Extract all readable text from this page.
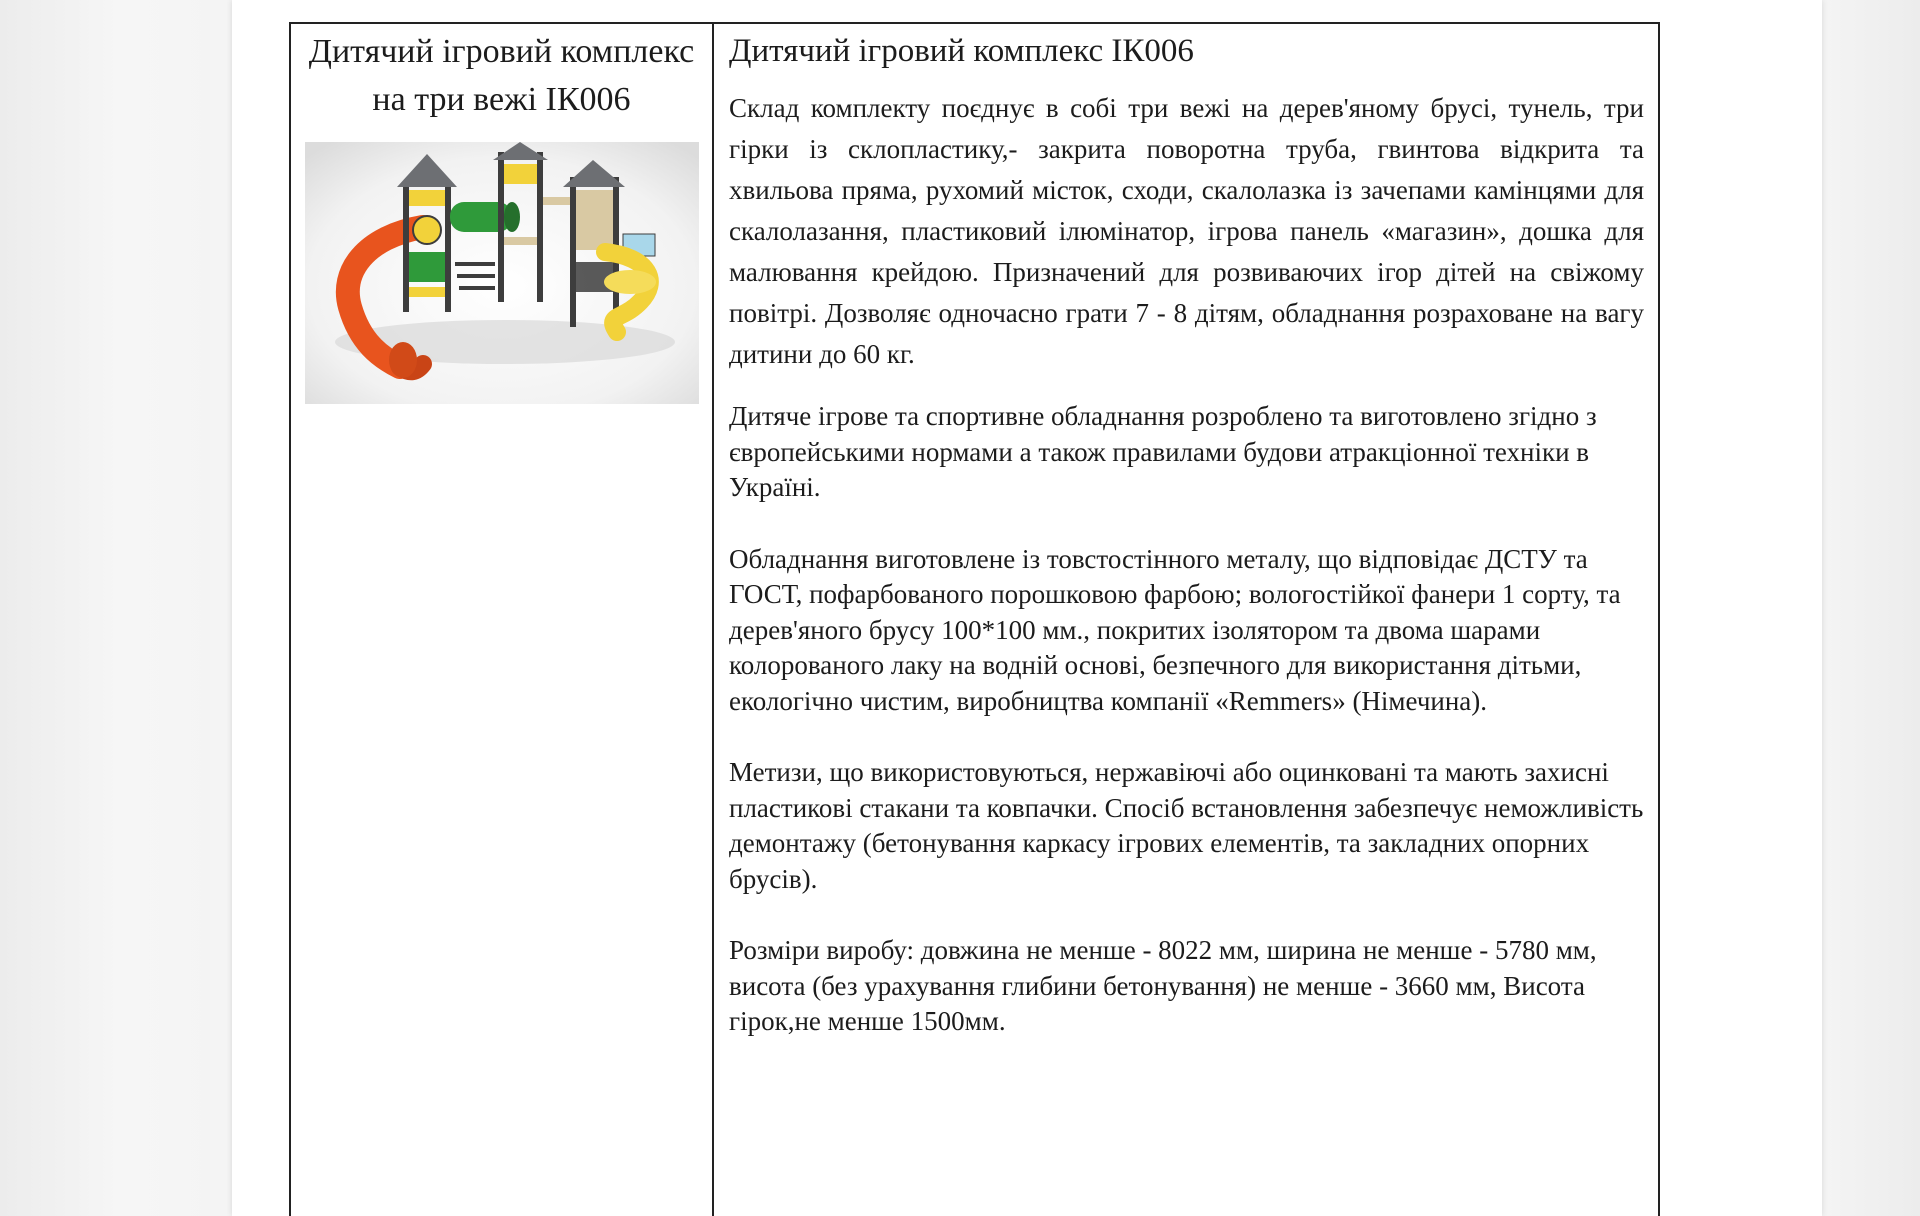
Дитячий ігровий комплекс на три вежі ІК006

Дитячий ігровий комплекс ІК006

Склад комплекту поєднує в собі три вежі на дерев'яному брусі, тунель, три гірки із склопластику,- закрита поворотна труба, гвинтова відкрита та хвильова пряма, рухомий місток, сходи, скалолазка із зачепами камінцями для скалолазання, пластиковий ілюмінатор, ігрова панель «магазин», дошка для малювання крейдою. Призначений для розвиваючих ігор дітей на свіжому повітрі. Дозволяє одночасно грати 7 - 8 дітям, обладнання розраховане на вагу дитини до 60 кг.

Дитяче ігрове та спортивне обладнання розроблено та виготовлено згідно з європейськими нормами а також правилами будови атракціонної техніки в Україні.

Обладнання виготовлене із товстостінного металу, що відповідає ДСТУ та ГОСТ, пофарбованого порошковою фарбою; вологостійкої фанери 1 сорту, та дерев'яного брусу 100*100 мм., покритих ізолятором та двома шарами колорованого лаку на водній основі, безпечного для використання дітьми, екологічно чистим, виробництва компанії «Remmers» (Німечина).

Метизи, що використовуються, нержавіючі або оцинковані та мають захисні пластикові стакани та ковпачки. Спосіб встановлення забезпечує неможливість демонтажу (бетонування каркасу ігрових елементів, та закладних опорних брусів).

Розміри виробу: довжина не менше - 8022 мм, ширина не менше - 5780 мм, висота (без урахування глибини бетонування) не менше - 3660 мм, Висота гірок,не менше 1500мм.
